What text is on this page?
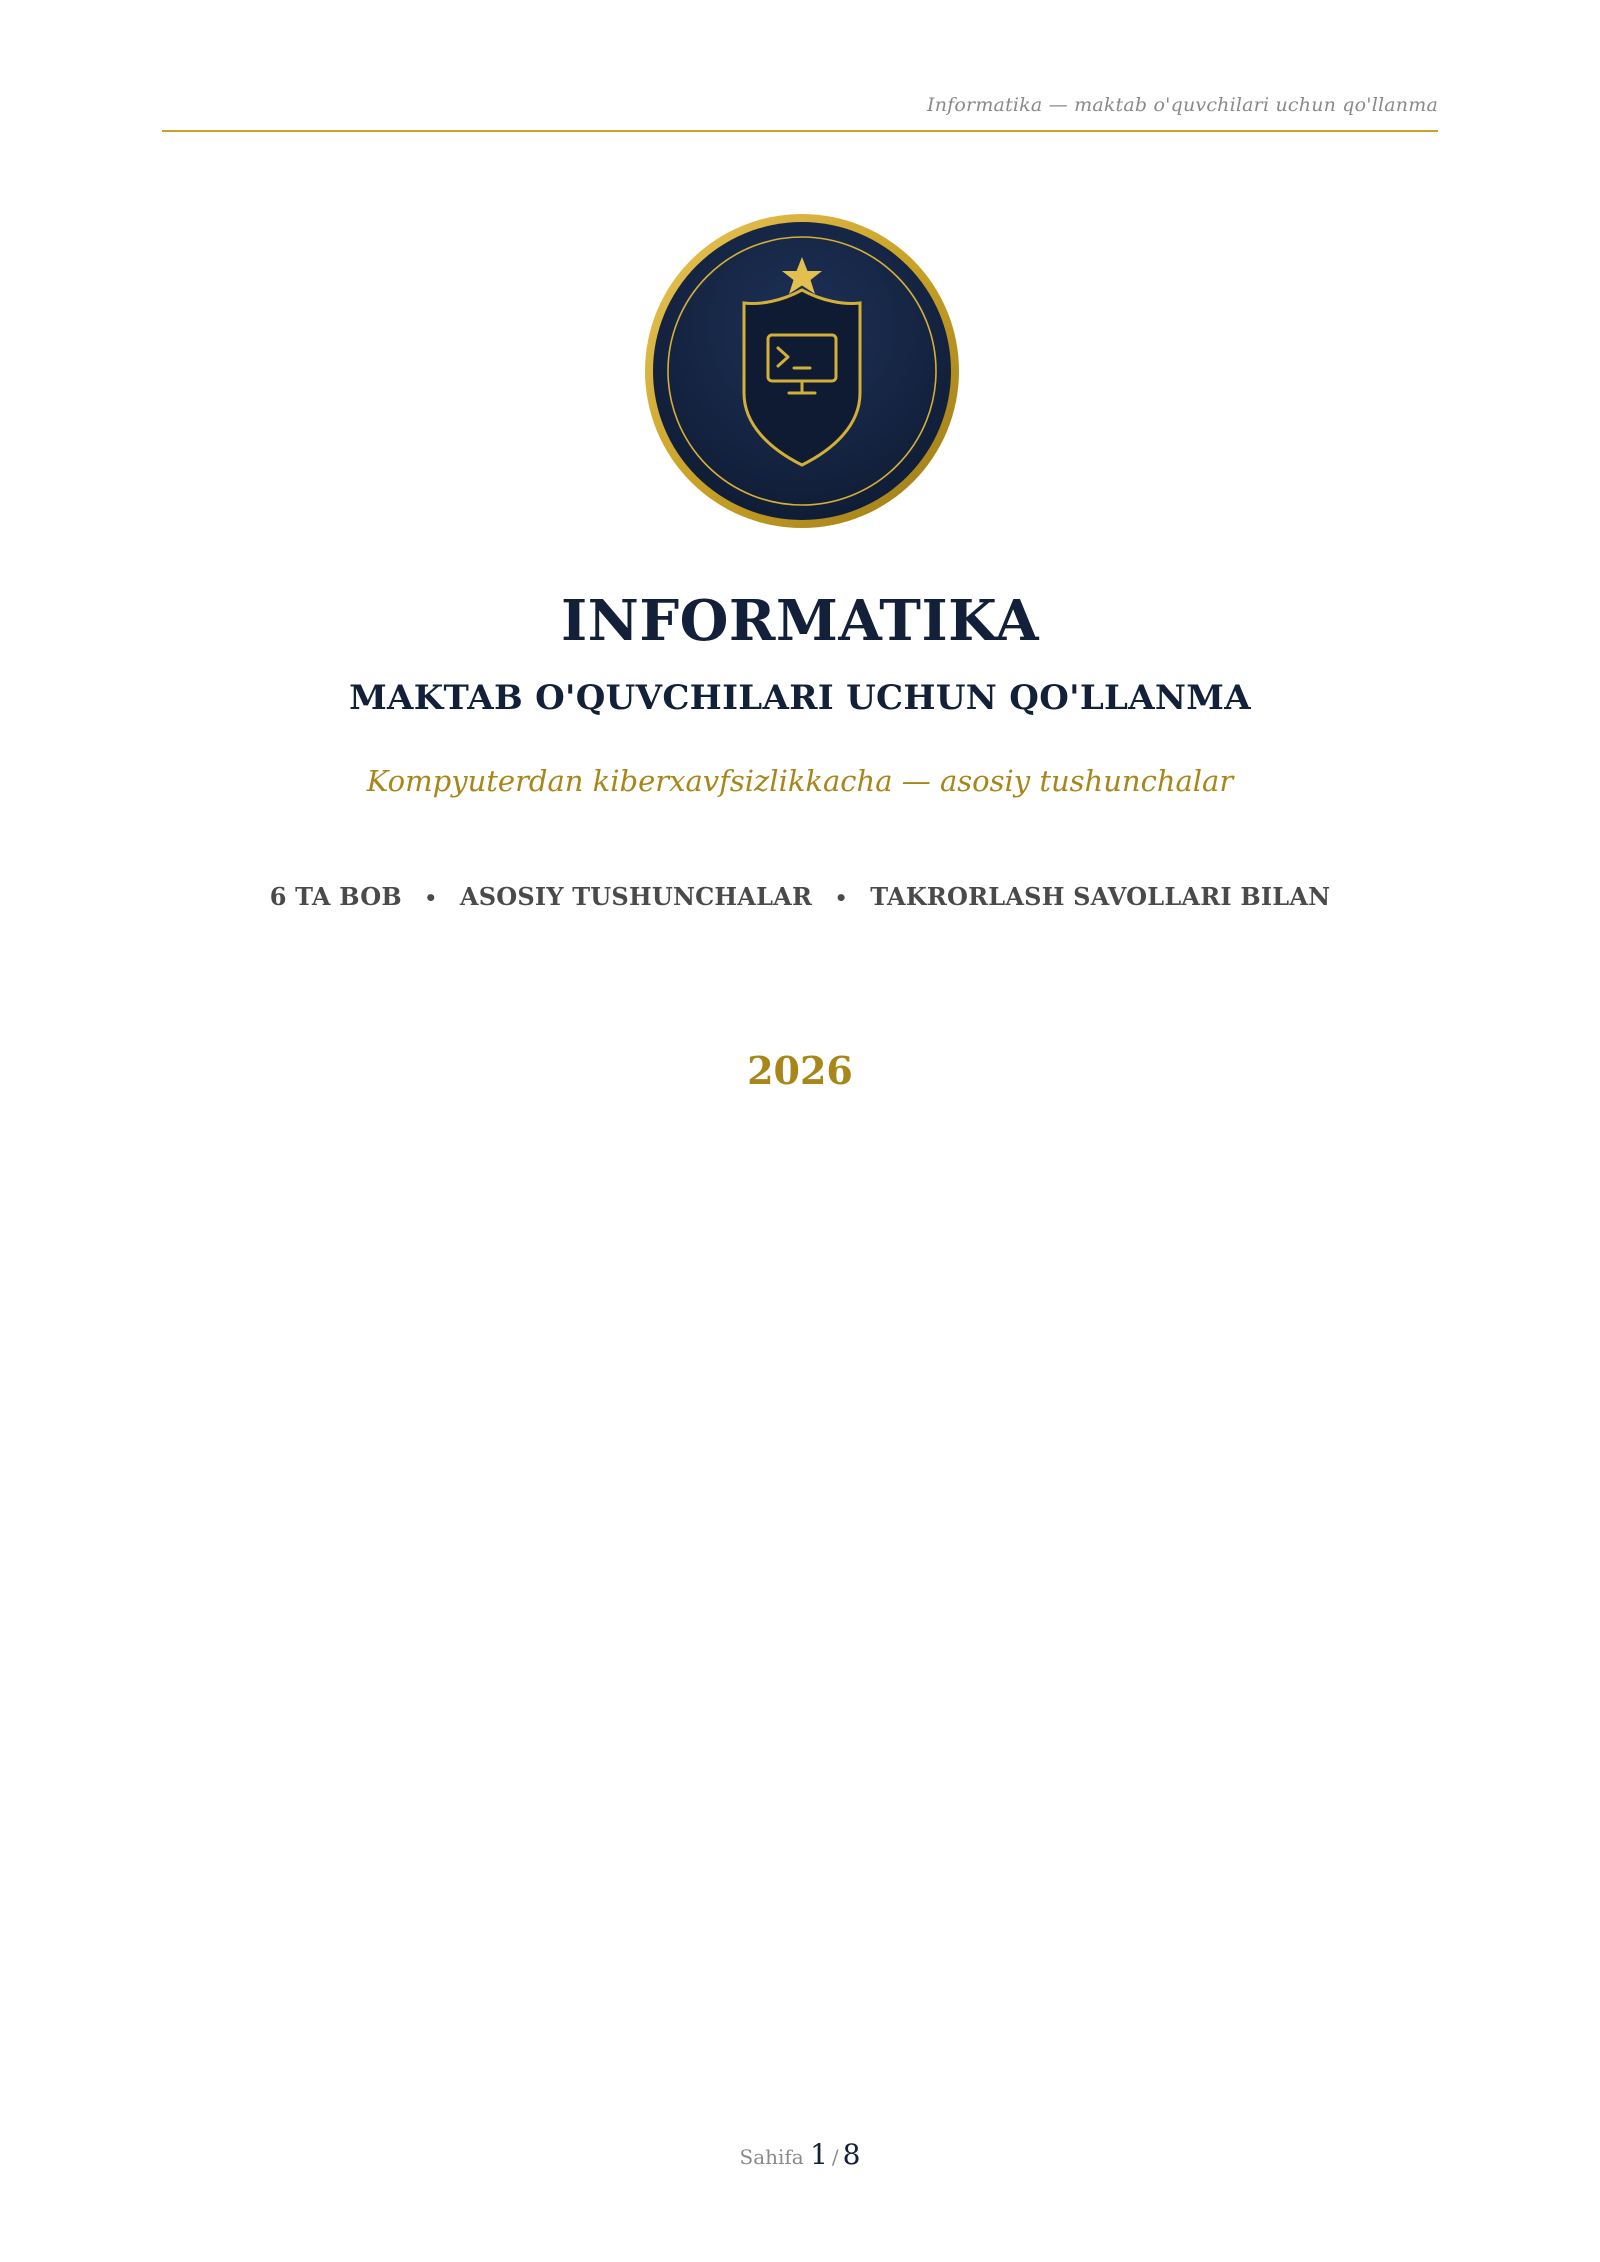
Informatika — maktab o'quvchilari uchun qo'llanma
INFORMATIKA
MAKTAB O'QUVCHILARI UCHUN QO'LLANMA
Kompyuterdan kiberxavfsizlikkacha — asosiy tushunchalar
6 TA BOB • ASOSIY TUSHUNCHALAR • TAKRORLASH SAVOLLARI BILAN
2026
Sahifa 1 / 8
